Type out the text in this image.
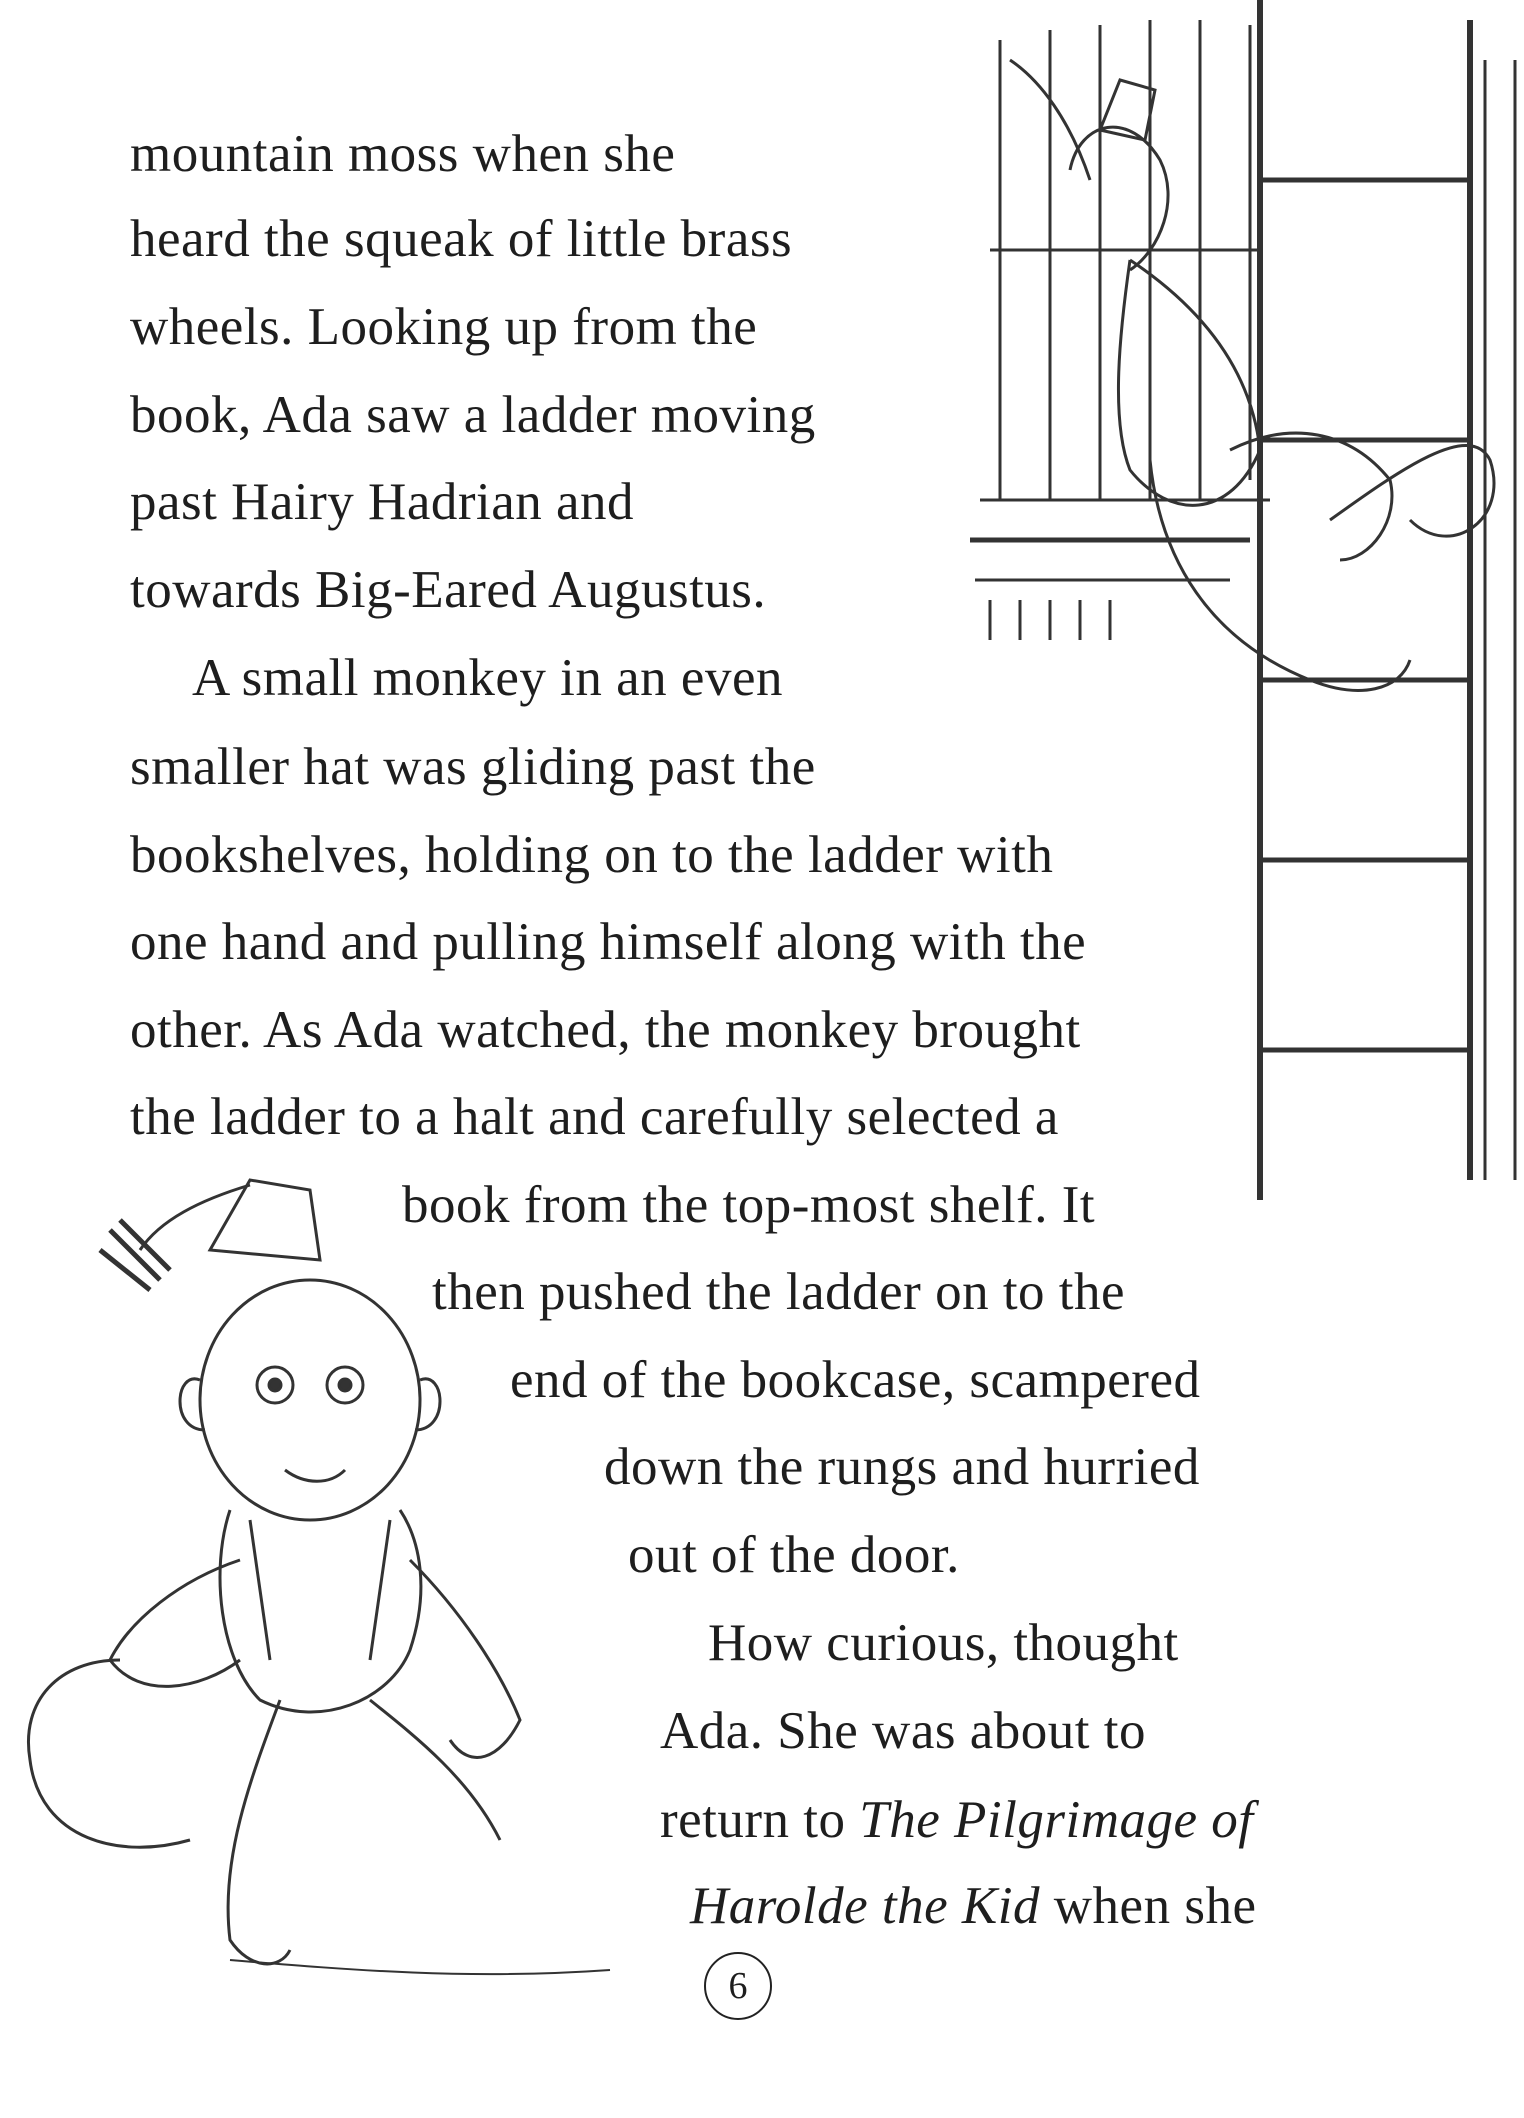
mountain moss when she
heard the squeak of little brass
wheels. Looking up from the
book, Ada saw a ladder moving
past Hairy Hadrian and
towards Big-Eared Augustus.
A small monkey in an even
smaller hat was gliding past the
bookshelves, holding on to the ladder with
one hand and pulling himself along with the
other. As Ada watched, the monkey brought
the ladder to a halt and carefully selected a
book from the top-most shelf. It
then pushed the ladder on to the
end of the bookcase, scampered
down the rungs and hurried
out of the door.
How curious, thought
Ada. She was about to
return to The Pilgrimage of
Harolde the Kid when she
6
